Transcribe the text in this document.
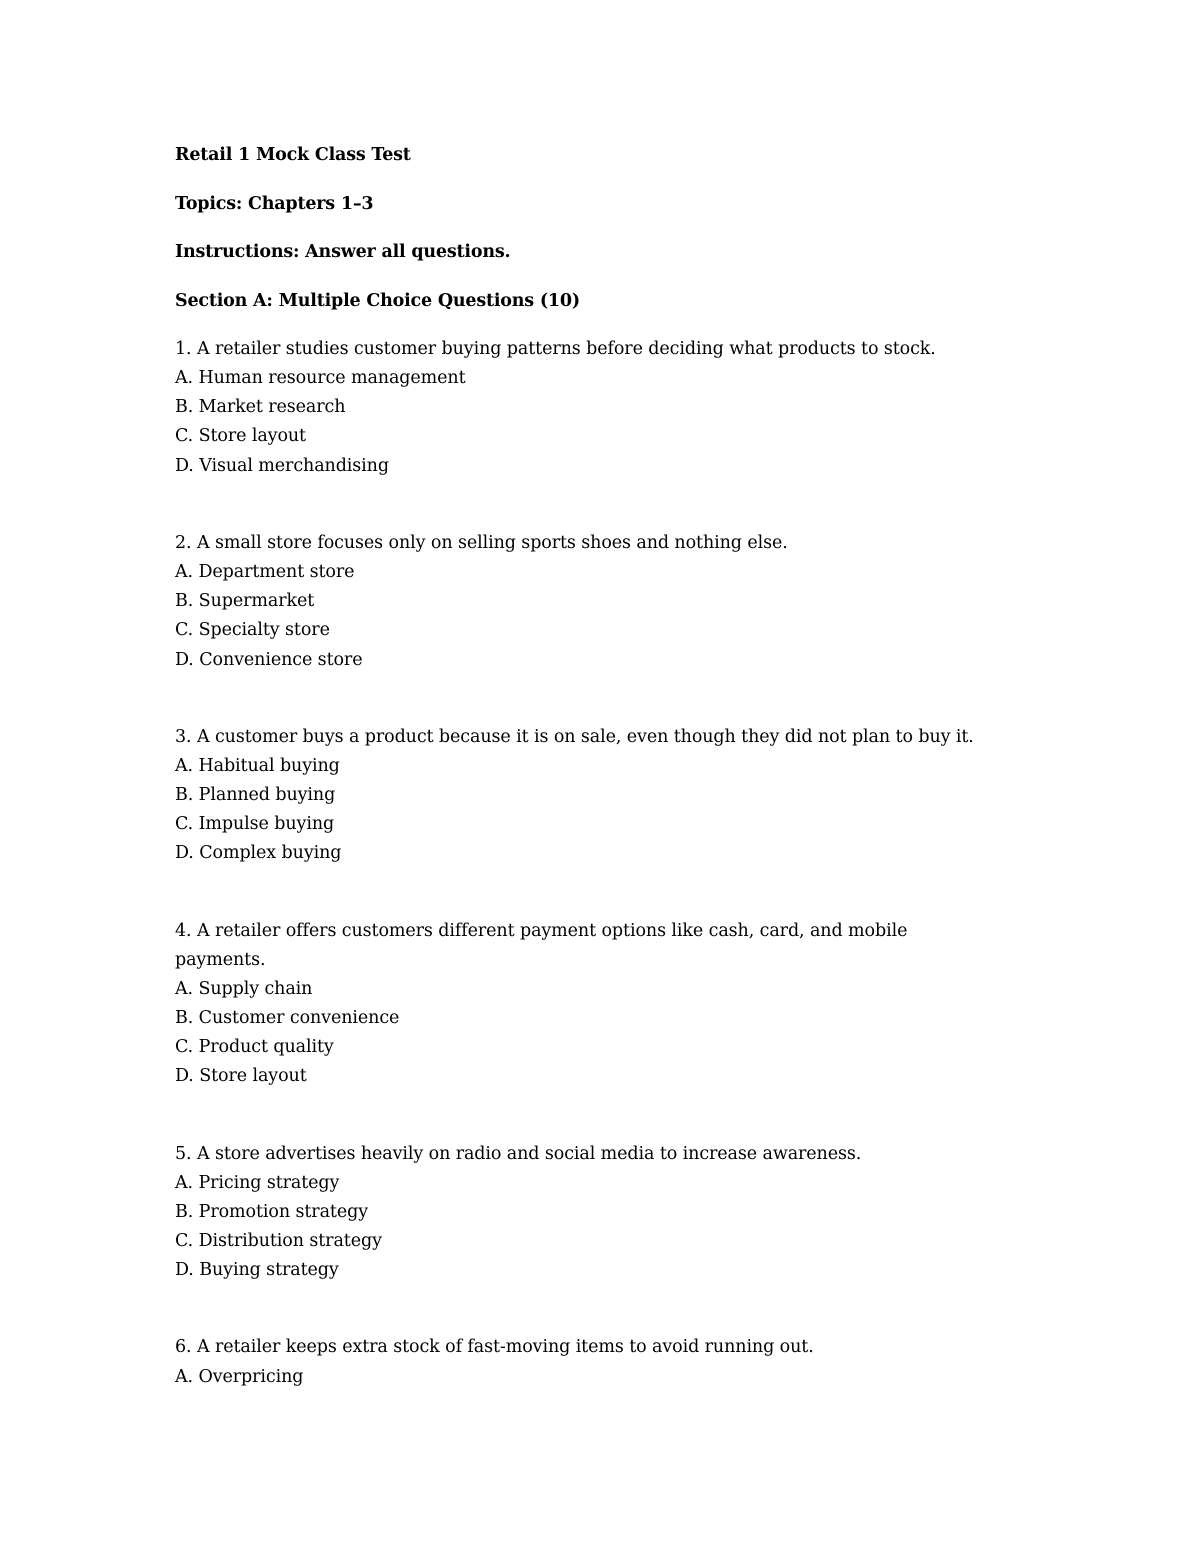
Retail 1 Mock Class Test
Topics: Chapters 1–3
Instructions: Answer all questions.
Section A: Multiple Choice Questions (10)
1. A retailer studies customer buying patterns before deciding what products to stock.
A. Human resource management
B. Market research
C. Store layout
D. Visual merchandising
2. A small store focuses only on selling sports shoes and nothing else.
A. Department store
B. Supermarket
C. Specialty store
D. Convenience store
3. A customer buys a product because it is on sale, even though they did not plan to buy it.
A. Habitual buying
B. Planned buying
C. Impulse buying
D. Complex buying
4. A retailer offers customers different payment options like cash, card, and mobile
payments.
A. Supply chain
B. Customer convenience
C. Product quality
D. Store layout
5. A store advertises heavily on radio and social media to increase awareness.
A. Pricing strategy
B. Promotion strategy
C. Distribution strategy
D. Buying strategy
6. A retailer keeps extra stock of fast-moving items to avoid running out.
A. Overpricing
